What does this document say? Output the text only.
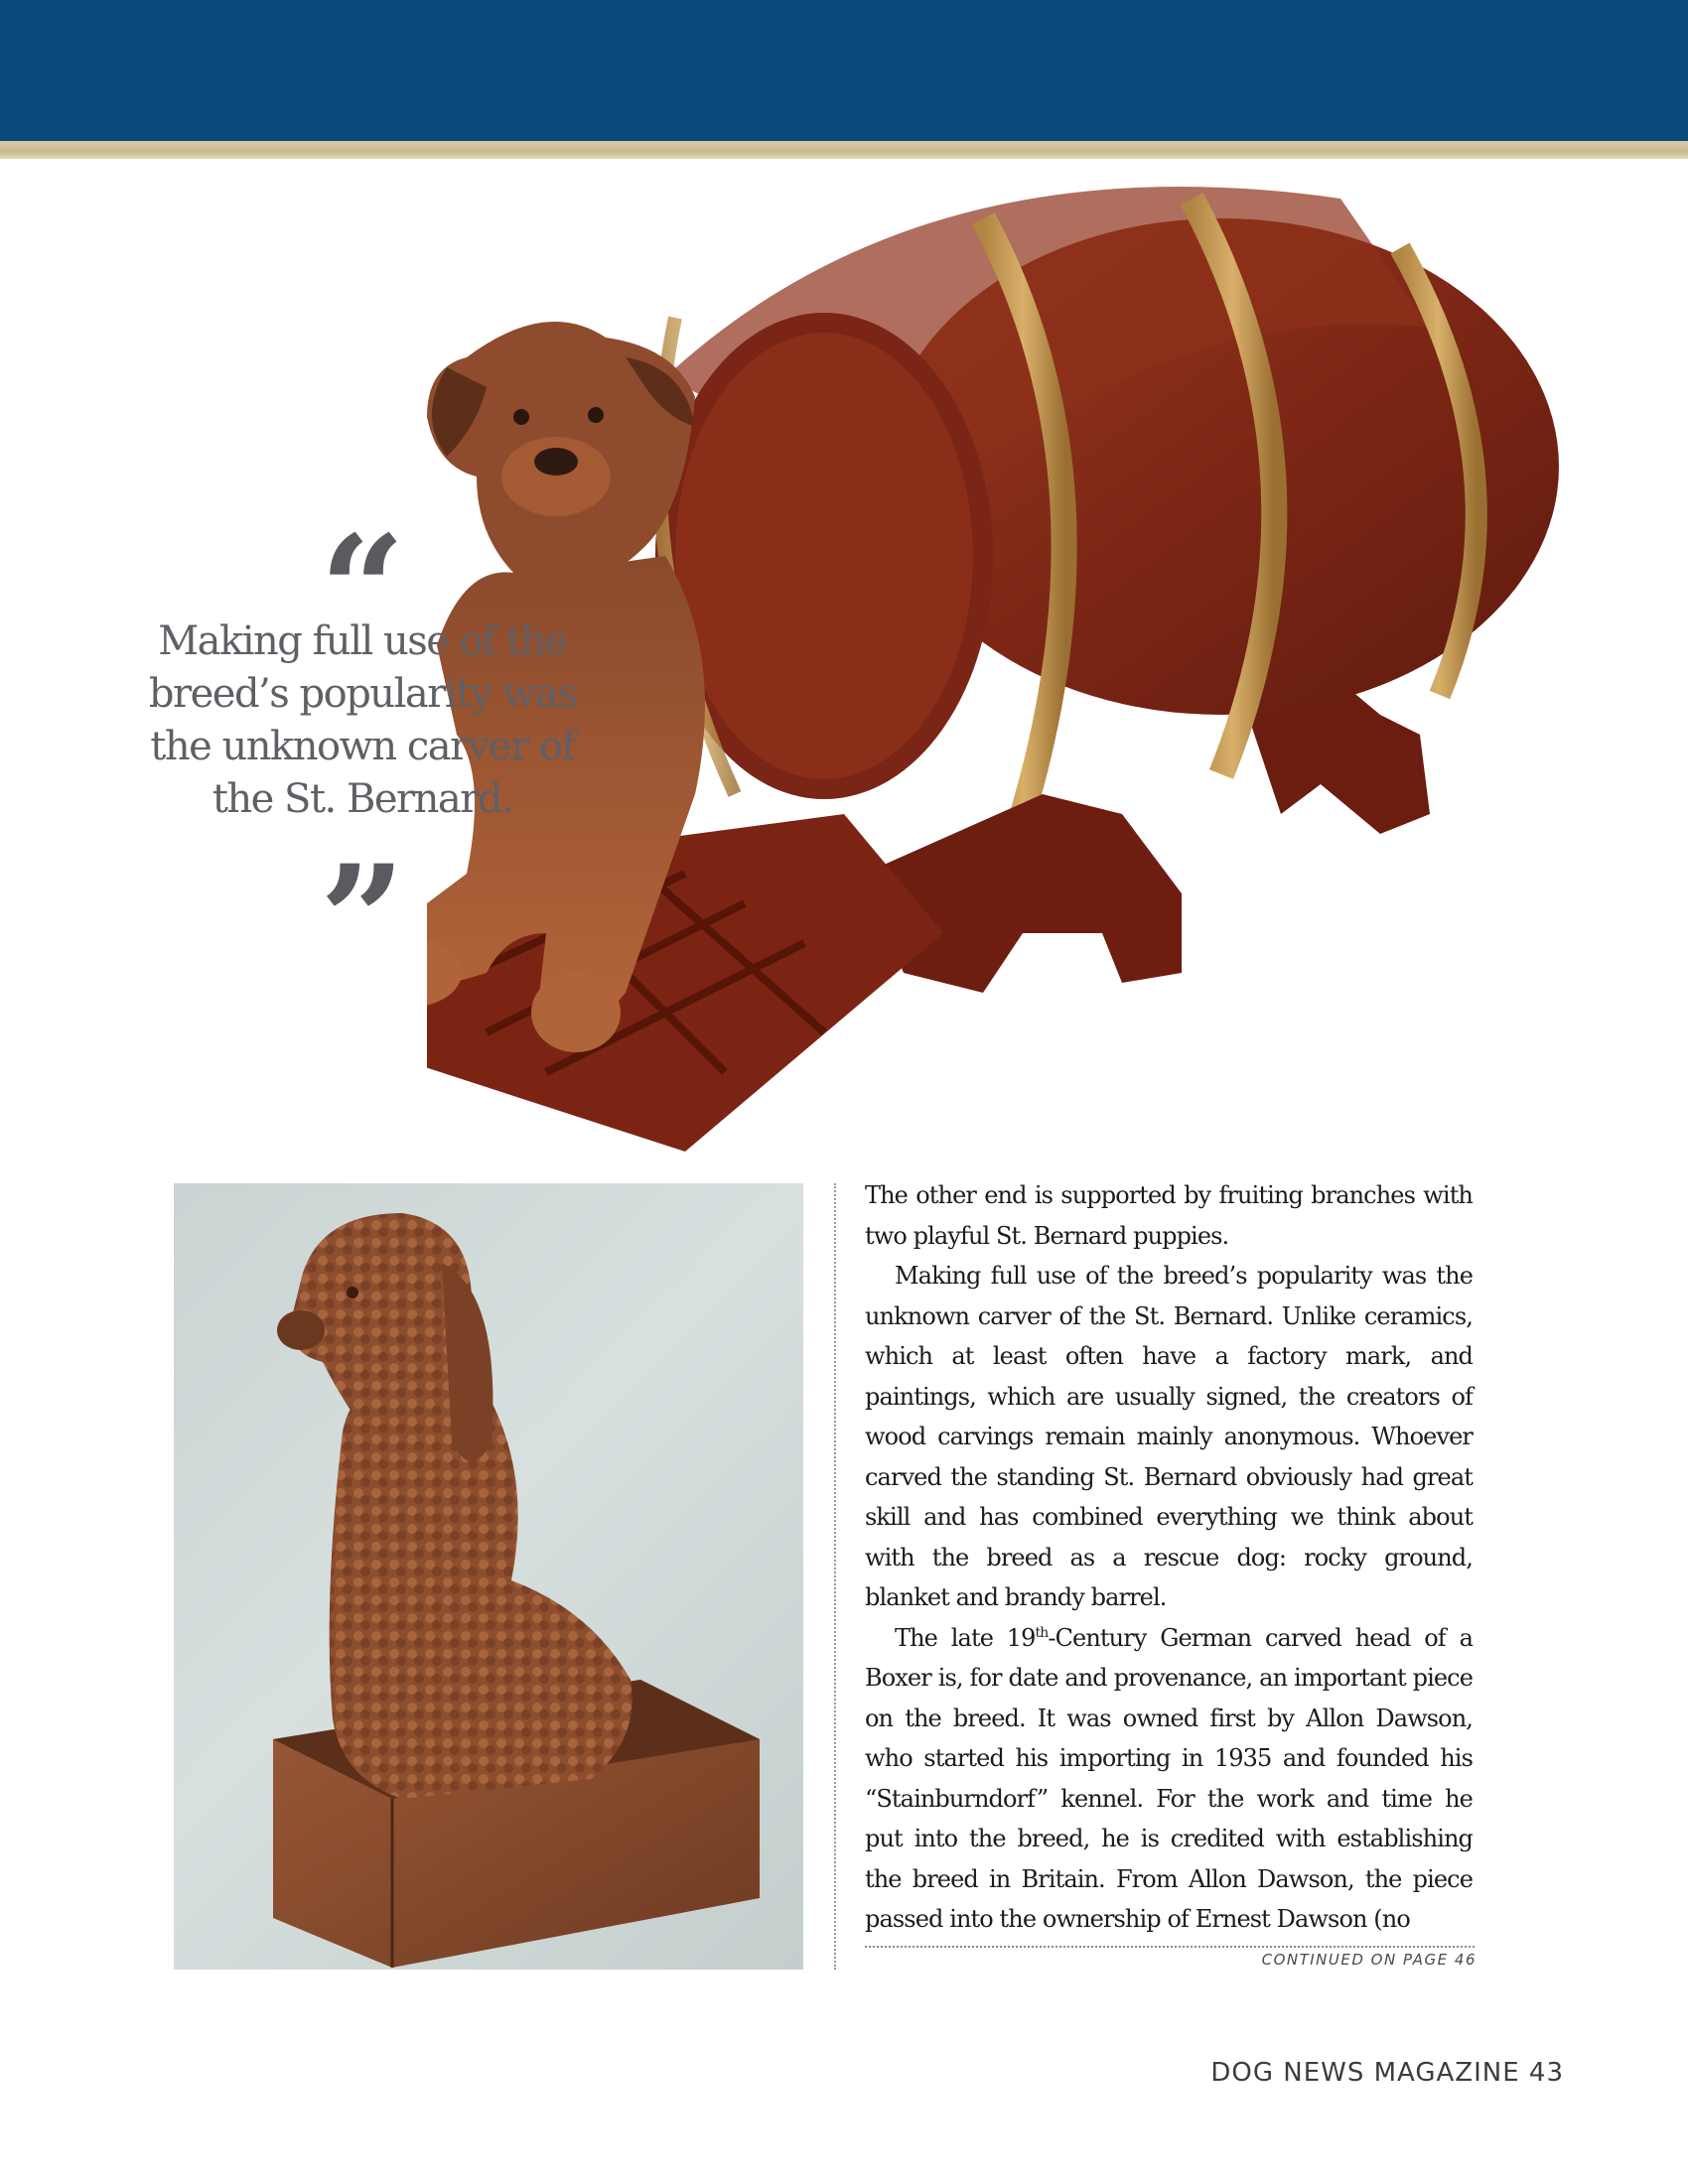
“
Making full use of the
breed’s popularity was
the unknown carver of
the St. Bernard.
”

The other end is supported by fruiting branches with two playful St. Bernard puppies.

Making full use of the breed’s popularity was the unknown carver of the St. Bernard. Unlike ceramics, which at least often have a factory mark, and paintings, which are usually signed, the creators of wood carvings remain mainly anonymous. Whoever carved the standing St. Bernard obviously had great skill and has combined everything we think about with the breed as a rescue dog: rocky ground, blanket and brandy barrel.

The late 19th-Century German carved head of a Boxer is, for date and provenance, an important piece on the breed. It was owned first by Allon Dawson, who started his importing in 1935 and founded his “Stainburndorf” kennel. For the work and time he put into the breed, he is credited with establishing the breed in Britain. From Allon Dawson, the piece passed into the ownership of Ernest Dawson (no

CONTINUED ON PAGE 46
DOG NEWS MAGAZINE 43
